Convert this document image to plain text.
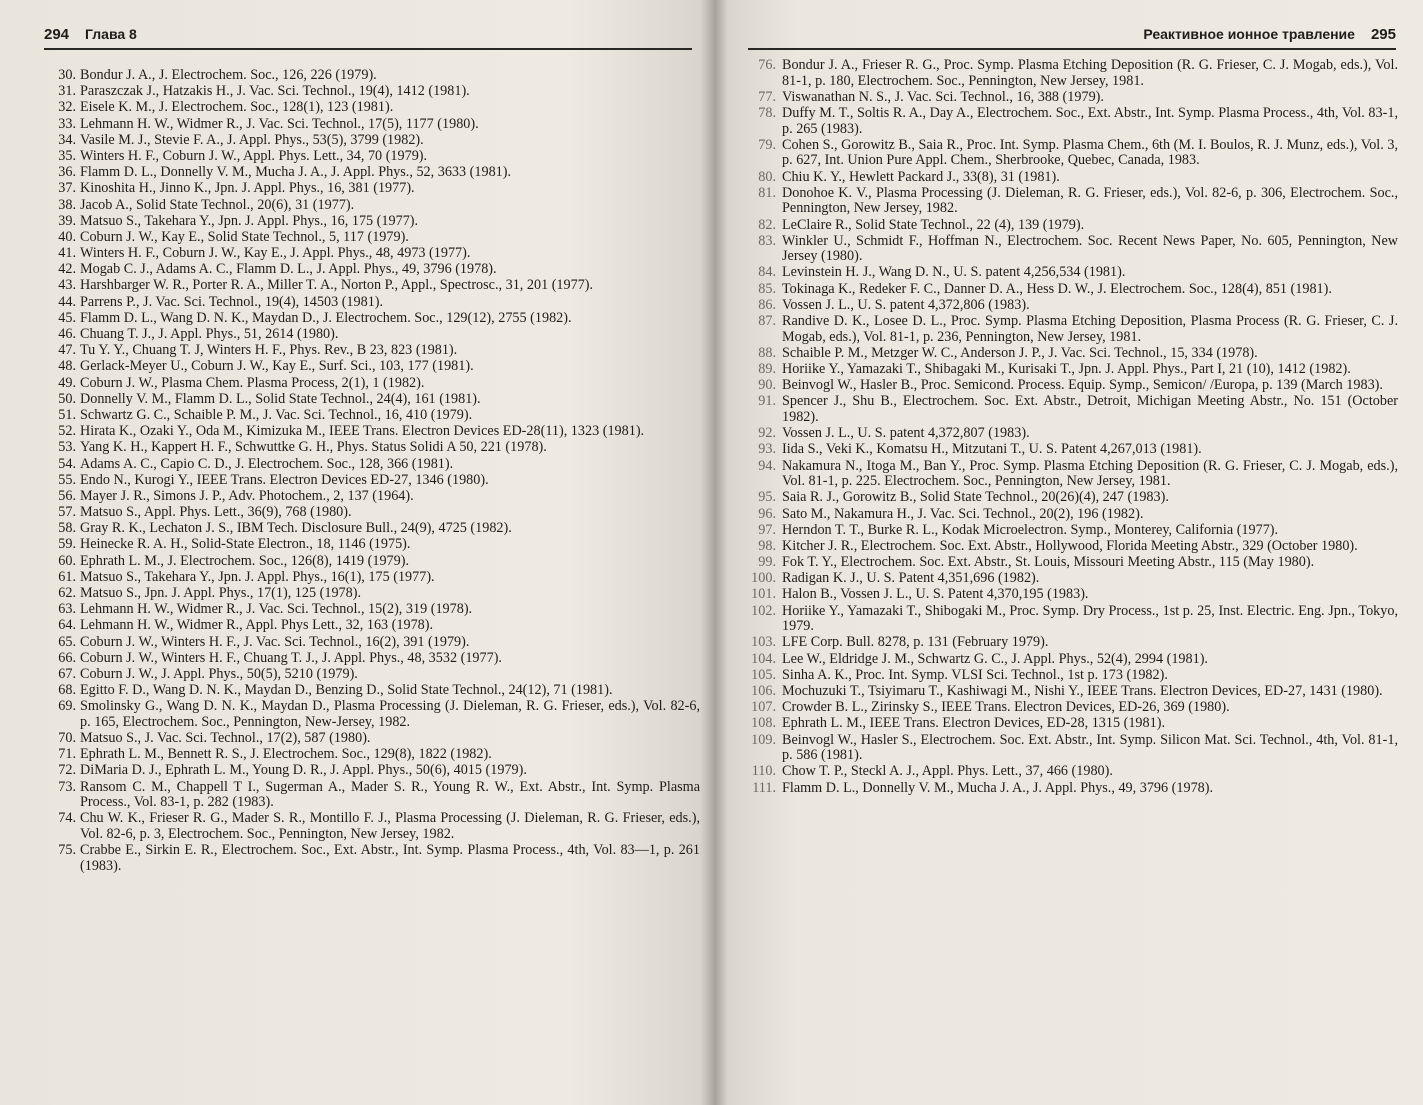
294 Глава 8
30. Bondur J. A., J. Electrochem. Soc., 126, 226 (1979).
31. Paraszczak J., Hatzakis H., J. Vac. Sci. Technol., 19(4), 1412 (1981).
32. Eisele K. M., J. Electrochem. Soc., 128(1), 123 (1981).
33. Lehmann H. W., Widmer R., J. Vac. Sci. Technol., 17(5), 1177 (1980).
34. Vasile M. J., Stevie F. A., J. Appl. Phys., 53(5), 3799 (1982).
35. Winters H. F., Coburn J. W., Appl. Phys. Lett., 34, 70 (1979).
36. Flamm D. L., Donnelly V. M., Mucha J. A., J. Appl. Phys., 52, 3633 (1981).
37. Kinoshita H., Jinno K., Jpn. J. Appl. Phys., 16, 381 (1977).
38. Jacob A., Solid State Technol., 20(6), 31 (1977).
39. Matsuo S., Takehara Y., Jpn. J. Appl. Phys., 16, 175 (1977).
40. Coburn J. W., Kay E., Solid State Technol., 5, 117 (1979).
41. Winters H. F., Coburn J. W., Kay E., J. Appl. Phys., 48, 4973 (1977).
42. Mogab C. J., Adams A. C., Flamm D. L., J. Appl. Phys., 49, 3796 (1978).
43. Harshbarger W. R., Porter R. A., Miller T. A., Norton P., Appl., Spectrosc., 31, 201 (1977).
44. Parrens P., J. Vac. Sci. Technol., 19(4), 14503 (1981).
45. Flamm D. L., Wang D. N. K., Maydan D., J. Electrochem. Soc., 129(12), 2755 (1982).
46. Chuang T. J., J. Appl. Phys., 51, 2614 (1980).
47. Tu Y. Y., Chuang T. J, Winters H. F., Phys. Rev., B 23, 823 (1981).
48. Gerlack-Meyer U., Coburn J. W., Kay E., Surf. Sci., 103, 177 (1981).
49. Coburn J. W., Plasma Chem. Plasma Process, 2(1), 1 (1982).
50. Donnelly V. M., Flamm D. L., Solid State Technol., 24(4), 161 (1981).
51. Schwartz G. C., Schaible P. M., J. Vac. Sci. Technol., 16, 410 (1979).
52. Hirata K., Ozaki Y., Oda M., Kimizuka M., IEEE Trans. Electron Devices ED-28(11), 1323 (1981).
53. Yang K. H., Kappert H. F., Schwuttke G. H., Phys. Status Solidi A 50, 221 (1978).
54. Adams A. C., Capio C. D., J. Electrochem. Soc., 128, 366 (1981).
55. Endo N., Kurogi Y., IEEE Trans. Electron Devices ED-27, 1346 (1980).
56. Mayer J. R., Simons J. P., Adv. Photochem., 2, 137 (1964).
57. Matsuo S., Appl. Phys. Lett., 36(9), 768 (1980).
58. Gray R. K., Lechaton J. S., IBM Tech. Disclosure Bull., 24(9), 4725 (1982).
59. Heinecke R. A. H., Solid-State Electron., 18, 1146 (1975).
60. Ephrath L. M., J. Electrochem. Soc., 126(8), 1419 (1979).
61. Matsuo S., Takehara Y., Jpn. J. Appl. Phys., 16(1), 175 (1977).
62. Matsuo S., Jpn. J. Appl. Phys., 17(1), 125 (1978).
63. Lehmann H. W., Widmer R., J. Vac. Sci. Technol., 15(2), 319 (1978).
64. Lehmann H. W., Widmer R., Appl. Phys Lett., 32, 163 (1978).
65. Coburn J. W., Winters H. F., J. Vac. Sci. Technol., 16(2), 391 (1979).
66. Coburn J. W., Winters H. F., Chuang T. J., J. Appl. Phys., 48, 3532 (1977).
67. Coburn J. W., J. Appl. Phys., 50(5), 5210 (1979).
68. Egitto F. D., Wang D. N. K., Maydan D., Benzing D., Solid State Technol., 24(12), 71 (1981).
69. Smolinsky G., Wang D. N. K., Maydan D., Plasma Processing (J. Dieleman, R. G. Frieser, eds.), Vol. 82-6, p. 165, Electrochem. Soc., Pennington, New-Jersey, 1982.
70. Matsuo S., J. Vac. Sci. Technol., 17(2), 587 (1980).
71. Ephrath L. M., Bennett R. S., J. Electrochem. Soc., 129(8), 1822 (1982).
72. DiMaria D. J., Ephrath L. M., Young D. R., J. Appl. Phys., 50(6), 4015 (1979).
73. Ransom C. M., Chappell T I., Sugerman A., Mader S. R., Young R. W., Ext. Abstr., Int. Symp. Plasma Process., Vol. 83-1, p. 282 (1983).
74. Chu W. K., Frieser R. G., Mader S. R., Montillo F. J., Plasma Processing (J. Dieleman, R. G. Frieser, eds.), Vol. 82-6, p. 3, Electrochem. Soc., Pennington, New Jersey, 1982.
75. Crabbe E., Sirkin E. R., Electrochem. Soc., Ext. Abstr., Int. Symp. Plasma Process., 4th, Vol. 83—1, p. 261 (1983).
Реактивное ионное травление 295
76. Bondur J. A., Frieser R. G., Proc. Symp. Plasma Etching Deposition (R. G. Frieser, C. J. Mogab, eds.), Vol. 81-1, p. 180, Electrochem. Soc., Pennington, New Jersey, 1981.
77. Viswanathan N. S., J. Vac. Sci. Technol., 16, 388 (1979).
78. Duffy M. T., Soltis R. A., Day A., Electrochem. Soc., Ext. Abstr., Int. Symp. Plasma Process., 4th, Vol. 83-1, p. 265 (1983).
79. Cohen S., Gorowitz B., Saia R., Proc. Int. Symp. Plasma Chem., 6th (M. I. Boulos, R. J. Munz, eds.), Vol. 3, p. 627, Int. Union Pure Appl. Chem., Sherbrooke, Quebec, Canada, 1983.
80. Chiu K. Y., Hewlett Packard J., 33(8), 31 (1981).
81. Donohoe K. V., Plasma Processing (J. Dieleman, R. G. Frieser, eds.), Vol. 82-6, p. 306, Electrochem. Soc., Pennington, New Jersey, 1982.
82. LeClaire R., Solid State Technol., 22 (4), 139 (1979).
83. Winkler U., Schmidt F., Hoffman N., Electrochem. Soc. Recent News Paper, No. 605, Pennington, New Jersey (1980).
84. Levinstein H. J., Wang D. N., U. S. patent 4,256,534 (1981).
85. Tokinaga K., Redeker F. C., Danner D. A., Hess D. W., J. Electrochem. Soc., 128(4), 851 (1981).
86. Vossen J. L., U. S. patent 4,372,806 (1983).
87. Randive D. K., Losee D. L., Proc. Symp. Plasma Etching Deposition, Plasma Process (R. G. Frieser, C. J. Mogab, eds.), Vol. 81-1, p. 236, Pennington, New Jersey, 1981.
88. Schaible P. M., Metzger W. C., Anderson J. P., J. Vac. Sci. Technol., 15, 334 (1978).
89. Horiike Y., Yamazaki T., Shibagaki M., Kurisaki T., Jpn. J. Appl. Phys., Part I, 21 (10), 1412 (1982).
90. Beinvogl W., Hasler B., Proc. Semicond. Process. Equip. Symp., Semicon/ /Europa, p. 139 (March 1983).
91. Spencer J., Shu B., Electrochem. Soc. Ext. Abstr., Detroit, Michigan Meeting Abstr., No. 151 (October 1982).
92. Vossen J. L., U. S. patent 4,372,807 (1983).
93. Iida S., Veki K., Komatsu H., Mitzutani T., U. S. Patent 4,267,013 (1981).
94. Nakamura N., Itoga M., Ban Y., Proc. Symp. Plasma Etching Deposition (R. G. Frieser, C. J. Mogab, eds.), Vol. 81-1, p. 225. Electrochem. Soc., Pennington, New Jersey, 1981.
95. Saia R. J., Gorowitz B., Solid State Technol., 20(26)(4), 247 (1983).
96. Sato M., Nakamura H., J. Vac. Sci. Technol., 20(2), 196 (1982).
97. Herndon T. T., Burke R. L., Kodak Microelectron. Symp., Monterey, California (1977).
98. Kitcher J. R., Electrochem. Soc. Ext. Abstr., Hollywood, Florida Meeting Abstr., 329 (October 1980).
99. Fok T. Y., Electrochem. Soc. Ext. Abstr., St. Louis, Missouri Meeting Abstr., 115 (May 1980).
100. Radigan K. J., U. S. Patent 4,351,696 (1982).
101. Halon B., Vossen J. L., U. S. Patent 4,370,195 (1983).
102. Horiike Y., Yamazaki T., Shibogaki M., Proc. Symp. Dry Process., 1st p. 25, Inst. Electric. Eng. Jpn., Tokyo, 1979.
103. LFE Corp. Bull. 8278, p. 131 (February 1979).
104. Lee W., Eldridge J. M., Schwartz G. C., J. Appl. Phys., 52(4), 2994 (1981).
105. Sinha A. K., Proc. Int. Symp. VLSI Sci. Technol., 1st p. 173 (1982).
106. Mochuzuki T., Tsiyimaru T., Kashiwagi M., Nishi Y., IEEE Trans. Electron Devices, ED-27, 1431 (1980).
107. Crowder B. L., Zirinsky S., IEEE Trans. Electron Devices, ED-26, 369 (1980).
108. Ephrath L. M., IEEE Trans. Electron Devices, ED-28, 1315 (1981).
109. Beinvogl W., Hasler S., Electrochem. Soc. Ext. Abstr., Int. Symp. Silicon Mat. Sci. Technol., 4th, Vol. 81-1, p. 586 (1981).
110. Chow T. P., Steckl A. J., Appl. Phys. Lett., 37, 466 (1980).
111. Flamm D. L., Donnelly V. M., Mucha J. A., J. Appl. Phys., 49, 3796 (1978).
